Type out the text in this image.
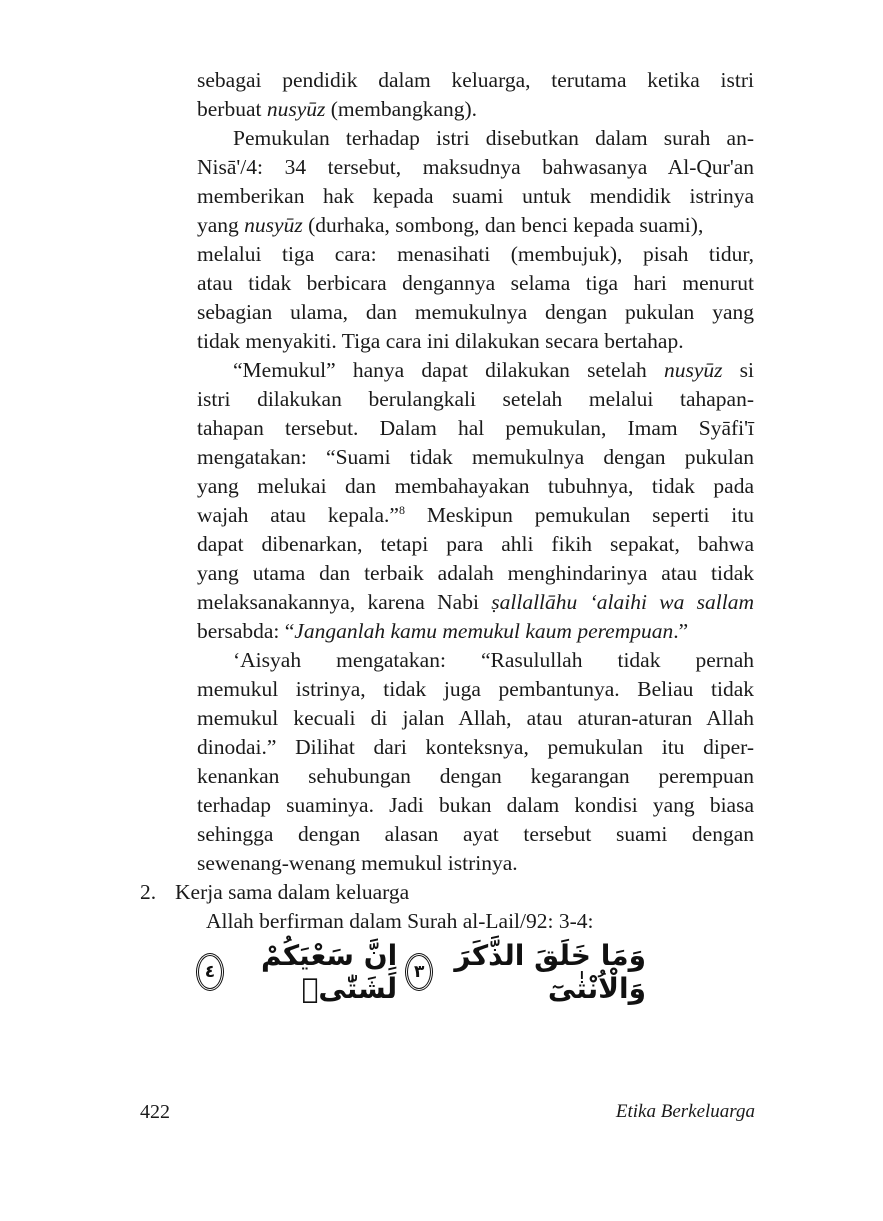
sebagai pendidik dalam keluarga, terutama ketika istri
berbuat nusyūz (membangkang).
Pemukulan terhadap istri disebutkan dalam surah an-
Nisā'/4: 34 tersebut, maksudnya bahwasanya Al-Qur'an
memberikan hak kepada suami untuk mendidik istrinya
yang nusyūz (durhaka, sombong, dan benci kepada suami),
melalui tiga cara: menasihati (membujuk), pisah tidur,
atau tidak berbicara dengannya selama tiga hari menurut
sebagian ulama, dan memukulnya dengan pukulan yang
tidak menyakiti. Tiga cara ini dilakukan secara bertahap.
“Memukul” hanya dapat dilakukan setelah nusyūz si
istri dilakukan berulangkali setelah melalui tahapan-
tahapan tersebut. Dalam hal pemukulan, Imam Syāfi'ī
mengatakan: “Suami tidak memukulnya dengan pukulan
yang melukai dan membahayakan tubuhnya, tidak pada
wajah atau kepala.”$^8$ Meskipun pemukulan seperti itu
dapat dibenarkan, tetapi para ahli fikih sepakat, bahwa
yang utama dan terbaik adalah menghindarinya atau tidak
melaksanakannya, karena Nabi ṣallallāhu ‘alaihi wa sallam
bersabda: “Janganlah kamu memukul kaum perempuan.”
‘Aisyah mengatakan: “Rasulullah tidak pernah
memukul istrinya, tidak juga pembantunya. Beliau tidak
memukul kecuali di jalan Allah, atau aturan-aturan Allah
dinodai.” Dilihat dari konteksnya, pemukulan itu diper-
kenankan sehubungan dengan kegarangan perempuan
terhadap suaminya. Jadi bukan dalam kondisi yang biasa
sehingga dengan alasan ayat tersebut suami dengan
sewenang-wenang memukul istrinya.
2. Kerja sama dalam keluarga
Allah berfirman dalam Surah al-Lail/92: 3-4:
وَمَا خَلَقَ الذَّكَرَ وَالْاُنْثٰىٓ
٣
اِنَّ سَعْيَكُمْ لَشَتّٰىۗ
٤
422	Etika Berkeluarga
